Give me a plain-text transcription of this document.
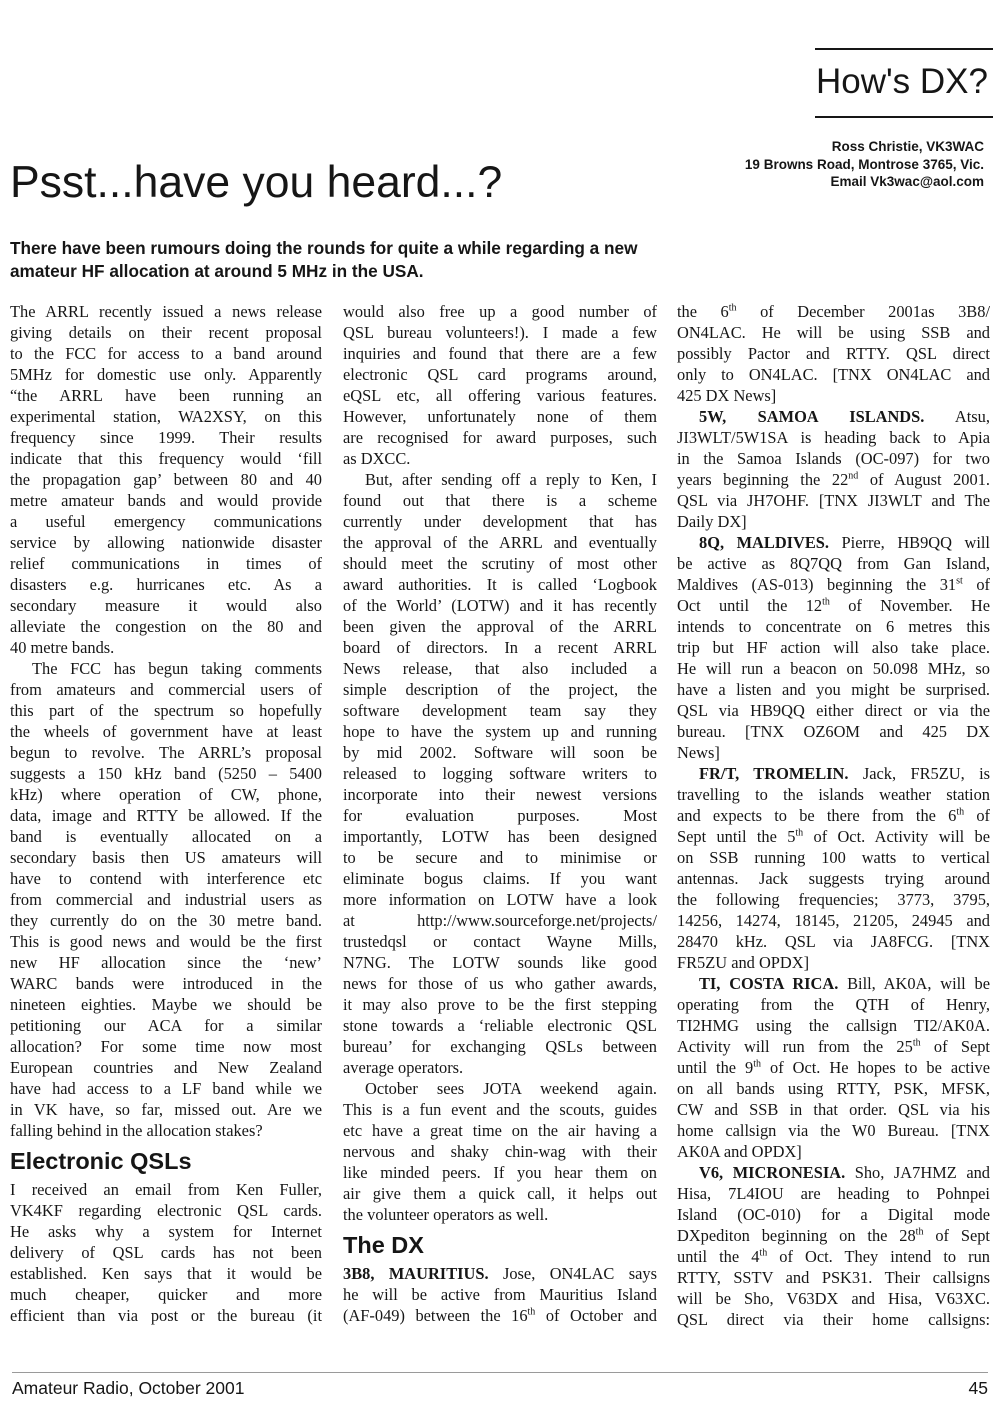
How's DX?
Ross Christie, VK3WAC
19 Browns Road, Montrose 3765, Vic.
Email Vk3wac@aol.com
Psst...have you heard...?
There have been rumours doing the rounds for quite a while regarding a new
amateur HF allocation at around 5 MHz in the USA.
The ARRL recently issued a news release
giving details on their recent proposal
to the FCC for access to a band around
5MHz for domestic use only. Apparently
“the ARRL have been running an
experimental station, WA2XSY, on this
frequency since 1999. Their results
indicate that this frequency would ‘fill
the propagation gap’ between 80 and 40
metre amateur bands and would provide
a useful emergency communications
service by allowing nationwide disaster
relief communications in times of
disasters e.g. hurricanes etc. As a
secondary measure it would also
alleviate the congestion on the 80 and
40 metre bands.
The FCC has begun taking comments
from amateurs and commercial users of
this part of the spectrum so hopefully
the wheels of government have at least
begun to revolve. The ARRL’s proposal
suggests a 150 kHz band (5250 – 5400
kHz) where operation of CW, phone,
data, image and RTTY be allowed. If the
band is eventually allocated on a
secondary basis then US amateurs will
have to contend with interference etc
from commercial and industrial users as
they currently do on the 30 metre band.
This is good news and would be the first
new HF allocation since the ‘new’
WARC bands were introduced in the
nineteen eighties. Maybe we should be
petitioning our ACA for a similar
allocation? For some time now most
European countries and New Zealand
have had access to a LF band while we
in VK have, so far, missed out. Are we
falling behind in the allocation stakes?
Electronic QSLs
I received an email from Ken Fuller,
VK4KF regarding electronic QSL cards.
He asks why a system for Internet
delivery of QSL cards has not been
established. Ken says that it would be
much cheaper, quicker and more
efficient than via post or the bureau (it
would also free up a good number of
QSL bureau volunteers!). I made a few
inquiries and found that there are a few
electronic QSL card programs around,
eQSL etc, all offering various features.
However, unfortunately none of them
are recognised for award purposes, such
as DXCC.
But, after sending off a reply to Ken, I
found out that there is a scheme
currently under development that has
the approval of the ARRL and eventually
should meet the scrutiny of most other
award authorities. It is called ‘Logbook
of the World’ (LOTW) and it has recently
been given the approval of the ARRL
board of directors. In a recent ARRL
News release, that also included a
simple description of the project, the
software development team say they
hope to have the system up and running
by mid 2002. Software will soon be
released to logging software writers to
incorporate into their newest versions
for evaluation purposes. Most
importantly, LOTW has been designed
to be secure and to minimise or
eliminate bogus claims. If you want
more information on LOTW have a look
at http://www.sourceforge.net/projects/
trustedqsl or contact Wayne Mills,
N7NG. The LOTW sounds like good
news for those of us who gather awards,
it may also prove to be the first stepping
stone towards a ‘reliable electronic QSL
bureau’ for exchanging QSLs between
average operators.
October sees JOTA weekend again.
This is a fun event and the scouts, guides
etc have a great time on the air having a
nervous and shaky chin-wag with their
like minded peers. If you hear them on
air give them a quick call, it helps out
the volunteer operators as well.
The DX
3B8, MAURITIUS. Jose, ON4LAC says
he will be active from Mauritius Island
(AF-049) between the 16th of October and
the 6th of December 2001as 3B8/
ON4LAC. He will be using SSB and
possibly Pactor and RTTY. QSL direct
only to ON4LAC. [TNX ON4LAC and
425 DX News]
5W, SAMOA ISLANDS. Atsu,
JI3WLT/5W1SA is heading back to Apia
in the Samoa Islands (OC-097) for two
years beginning the 22nd of August 2001.
QSL via JH7OHF. [TNX JI3WLT and The
Daily DX]
8Q, MALDIVES. Pierre, HB9QQ will
be active as 8Q7QQ from Gan Island,
Maldives (AS-013) beginning the 31st of
Oct until the 12th of November. He
intends to concentrate on 6 metres this
trip but HF action will also take place.
He will run a beacon on 50.098 MHz, so
have a listen and you might be surprised.
QSL via HB9QQ either direct or via the
bureau. [TNX OZ6OM and 425 DX
News]
FR/T, TROMELIN. Jack, FR5ZU, is
travelling to the islands weather station
and expects to be there from the 6th of
Sept until the 5th of Oct. Activity will be
on SSB running 100 watts to vertical
antennas. Jack suggests trying around
the following frequencies; 3773, 3795,
14256, 14274, 18145, 21205, 24945 and
28470 kHz. QSL via JA8FCG. [TNX
FR5ZU and OPDX]
TI, COSTA RICA. Bill, AK0A, will be
operating from the QTH of Henry,
TI2HMG using the callsign TI2/AK0A.
Activity will run from the 25th of Sept
until the 9th of Oct. He hopes to be active
on all bands using RTTY, PSK, MFSK,
CW and SSB in that order. QSL via his
home callsign via the W0 Bureau. [TNX
AK0A and OPDX]
V6, MICRONESIA. Sho, JA7HMZ and
Hisa, 7L4IOU are heading to Pohnpei
Island (OC-010) for a Digital mode
DXpediton beginning on the 28th of Sept
until the 4th of Oct. They intend to run
RTTY, SSTV and PSK31. Their callsigns
will be Sho, V63DX and Hisa, V63XC.
QSL direct via their home callsigns:
Amateur Radio, October 2001	45
